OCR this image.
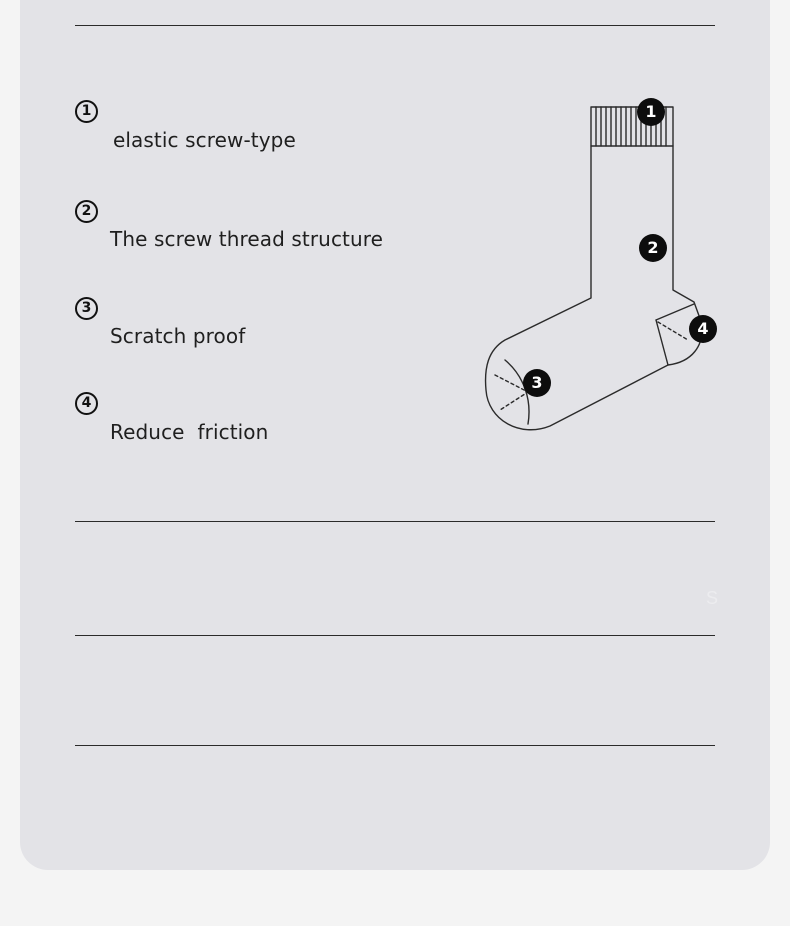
1
elastic screw-type
2
The screw thread structure
3
Scratch proof
4
Reduce  friction
1
2
3
4
S
